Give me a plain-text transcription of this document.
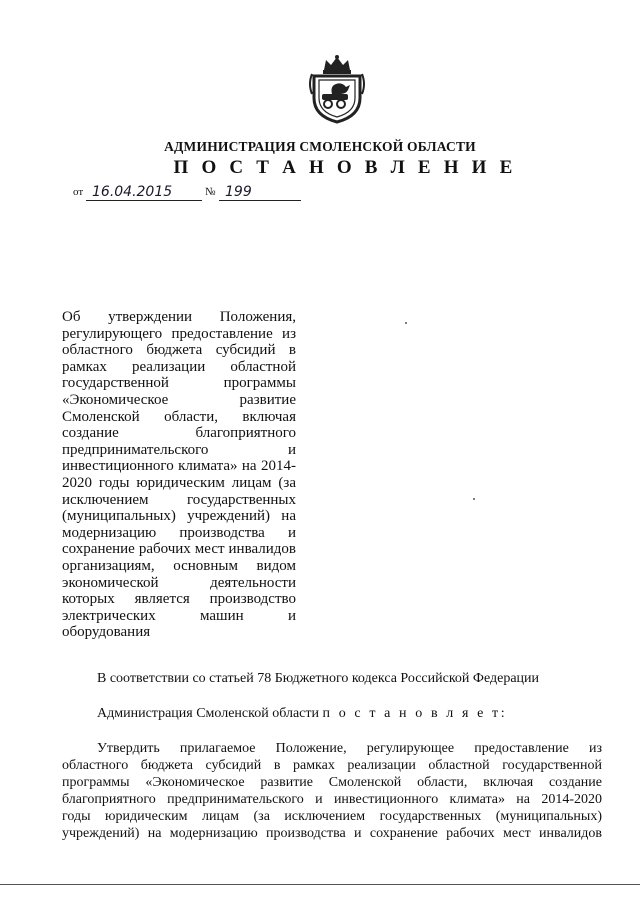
АДМИНИСТРАЦИЯ СМОЛЕНСКОЙ ОБЛАСТИ
П О С Т А Н О В Л Е Н И Е
от 16.04.2015	№ 199
Об утверждении Положения,
регулирующего предоставление из
областного бюджета субсидий в
рамках реализации областной
государственной программы
«Экономическое развитие
Смоленской области, включая
создание благоприятного
предпринимательского и
инвестиционного климата» на 2014-
2020 годы юридическим лицам (за
исключением государственных
(муниципальных) учреждений) на
модернизацию производства и
сохранение рабочих мест инвалидов
организациям, основным видом
экономической деятельности
которых является производство
электрических машин и
оборудования
В соответствии со статьей 78 Бюджетного кодекса Российской Федерации
Администрация Смоленской области п о с т а н о в л я е т:
Утвердить прилагаемое Положение, регулирующее предоставление из
областного бюджета субсидий в рамках реализации областной государственной
программы «Экономическое развитие Смоленской области, включая создание
благоприятного предпринимательского и инвестиционного климата» на 2014-2020
годы юридическим лицам (за исключением государственных (муниципальных)
учреждений) на модернизацию производства и сохранение рабочих мест инвалидов
